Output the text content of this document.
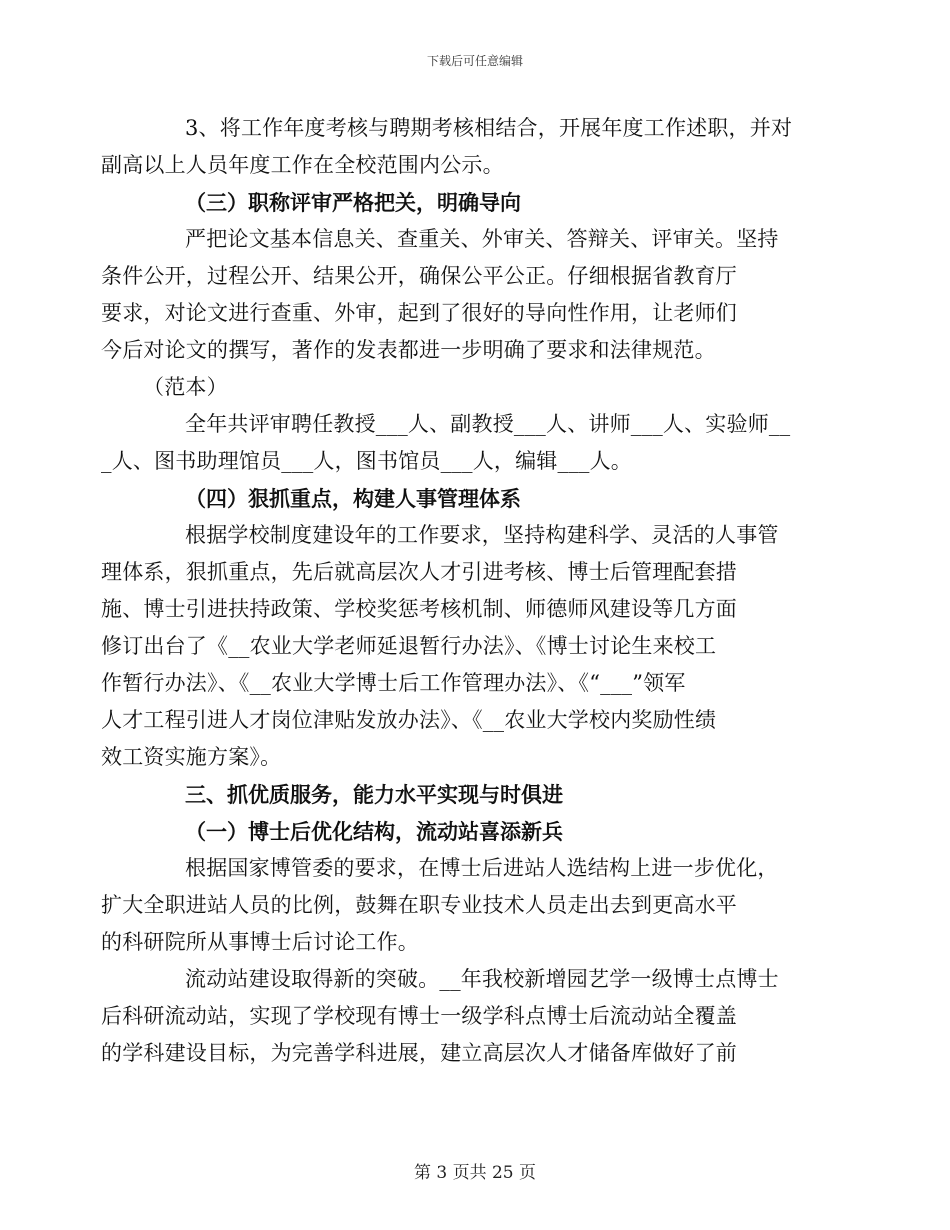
下载后可任意编辑

3、将工作年度考核与聘期考核相结合，开展年度工作述职，并对
副高以上人员年度工作在全校范围内公示。

（三）职称评审严格把关，明确导向

严把论文基本信息关、查重关、外审关、答辩关、评审关。坚持
条件公开，过程公开、结果公开，确保公平公正。仔细根据省教育厅
要求，对论文进行查重、外审，起到了很好的导向性作用，让老师们
今后对论文的撰写，著作的发表都进一步明确了要求和法律规范。

（范本）

全年共评审聘任教授___人、副教授___人、讲师___人、实验师__
_人、图书助理馆员___人，图书馆员___人，编辑___人。

（四）狠抓重点，构建人事管理体系

根据学校制度建设年的工作要求，坚持构建科学、灵活的人事管
理体系，狠抓重点，先后就高层次人才引进考核、博士后管理配套措
施、博士引进扶持政策、学校奖惩考核机制、师德师风建设等几方面
修订出台了《__农业大学老师延退暂行办法》、《博士讨论生来校工
作暂行办法》、《__农业大学博士后工作管理办法》、《“___”领军
人才工程引进人才岗位津贴发放办法》、《__农业大学校内奖励性绩
效工资实施方案》。

三、抓优质服务，能力水平实现与时俱进

（一）博士后优化结构，流动站喜添新兵

根据国家博管委的要求，在博士后进站人选结构上进一步优化，
扩大全职进站人员的比例，鼓舞在职专业技术人员走出去到更高水平
的科研院所从事博士后讨论工作。

流动站建设取得新的突破。__年我校新增园艺学一级博士点博士
后科研流动站，实现了学校现有博士一级学科点博士后流动站全覆盖
的学科建设目标，为完善学科进展，建立高层次人才储备库做好了前

第 3 页共 25 页
